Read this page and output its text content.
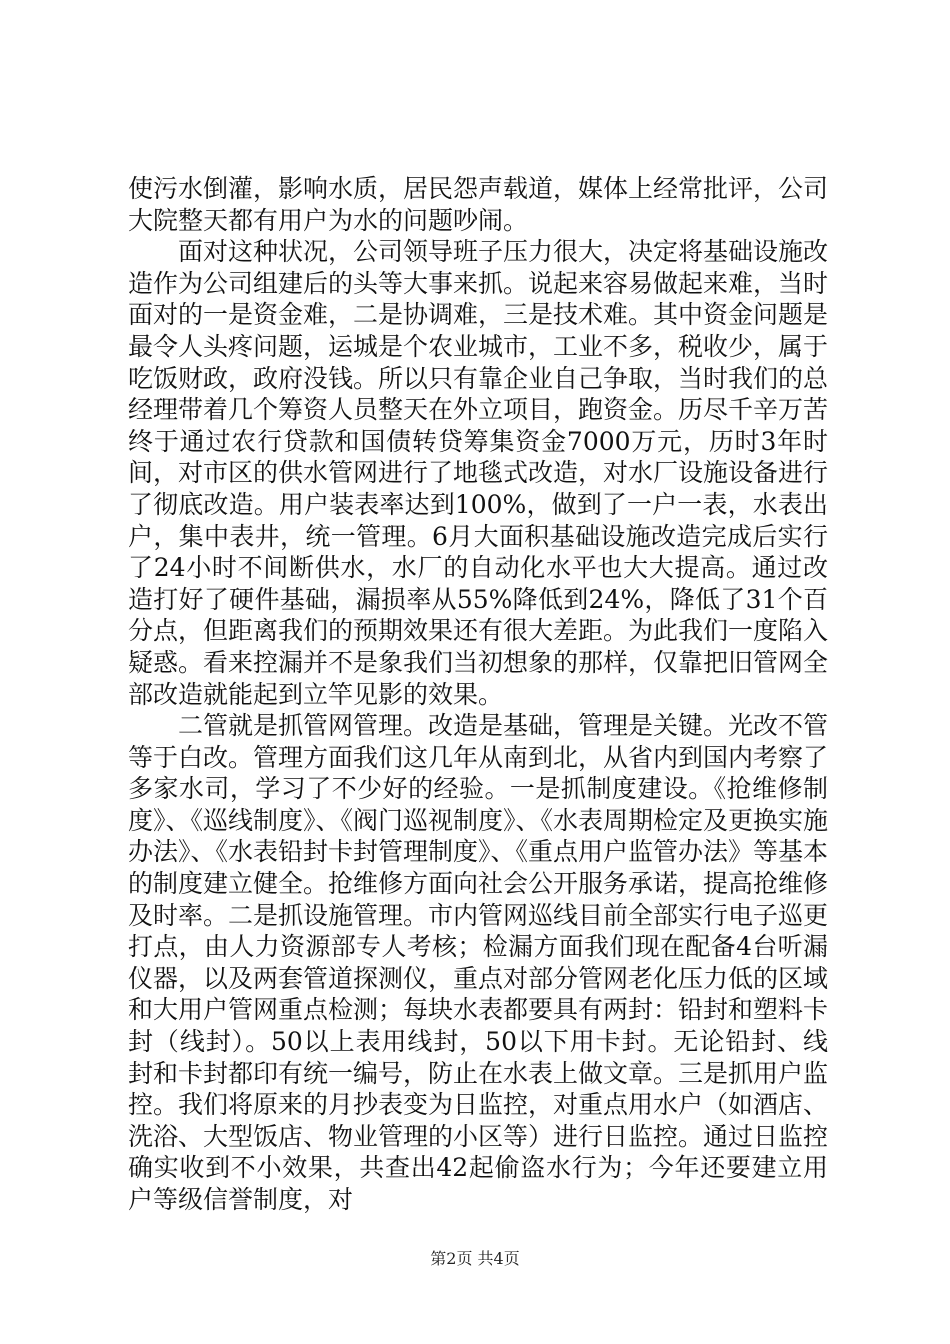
使污水倒灌，影响水质，居民怨声载道，媒体上经常批评，公司大院整天都有用户为水的问题吵闹。

面对这种状况，公司领导班子压力很大，决定将基础设施改造作为公司组建后的头等大事来抓。说起来容易做起来难，当时面对的一是资金难，二是协调难，三是技术难。其中资金问题是最令人头疼问题，运城是个农业城市，工业不多，税收少，属于吃饭财政，政府没钱。所以只有靠企业自己争取，当时我们的总经理带着几个筹资人员整天在外立项目，跑资金。历尽千辛万苦终于通过农行贷款和国债转贷筹集资金7000万元，历时3年时间，对市区的供水管网进行了地毯式改造，对水厂设施设备进行了彻底改造。用户装表率达到100%，做到了一户一表，水表出户，集中表井，统一管理。6月大面积基础设施改造完成后实行了24小时不间断供水，水厂的自动化水平也大大提高。通过改造打好了硬件基础，漏损率从55%降低到24%，降低了31个百分点，但距离我们的预期效果还有很大差距。为此我们一度陷入疑惑。看来控漏并不是象我们当初想象的那样，仅靠把旧管网全部改造就能起到立竿见影的效果。

二管就是抓管网管理。改造是基础，管理是关键。光改不管等于白改。管理方面我们这几年从南到北，从省内到国内考察了多家水司，学习了不少好的经验。一是抓制度建设。《抢维修制度》、《巡线制度》、《阀门巡视制度》、《水表周期检定及更换实施办法》、《水表铅封卡封管理制度》、《重点用户监管办法》等基本的制度建立健全。抢维修方面向社会公开服务承诺，提高抢维修及时率。二是抓设施管理。市内管网巡线目前全部实行电子巡更打点，由人力资源部专人考核；检漏方面我们现在配备4台听漏仪器，以及两套管道探测仪，重点对部分管网老化压力低的区域和大用户管网重点检测；每块水表都要具有两封：铅封和塑料卡封（线封）。50以上表用线封，50以下用卡封。无论铅封、线封和卡封都印有统一编号，防止在水表上做文章。三是抓用户监控。我们将原来的月抄表变为日监控，对重点用水户（如酒店、洗浴、大型饭店、物业管理的小区等）进行日监控。通过日监控确实收到不小效果，共查出42起偷盗水行为；今年还要建立用户等级信誉制度，对

第2页 共4页
